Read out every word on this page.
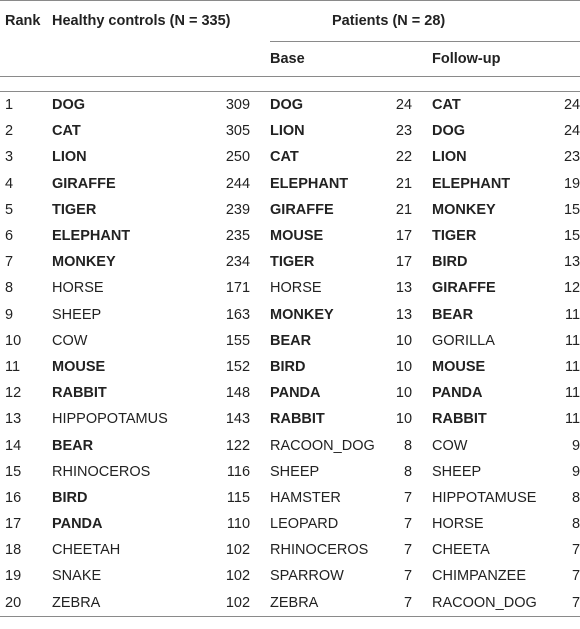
Rank	Healthy controls (N = 335)			Patients (N = 28)				
				Base			Follow-up	

1	DOG	309		DOG	24		CAT	24
2	CAT	305		LION	23		DOG	24
3	LION	250		CAT	22		LION	23
4	GIRAFFE	244		ELEPHANT	21		ELEPHANT	19
5	TIGER	239		GIRAFFE	21		MONKEY	15
6	ELEPHANT	235		MOUSE	17		TIGER	15
7	MONKEY	234		TIGER	17		BIRD	13
8	HORSE	171		HORSE	13		GIRAFFE	12
9	SHEEP	163		MONKEY	13		BEAR	11
10	COW	155		BEAR	10		GORILLA	11
11	MOUSE	152		BIRD	10		MOUSE	11
12	RABBIT	148		PANDA	10		PANDA	11
13	HIPPOPOTAMUS	143		RABBIT	10		RABBIT	11
14	BEAR	122		RACOON_DOG	8		COW	9
15	RHINOCEROS	116		SHEEP	8		SHEEP	9
16	BIRD	115		HAMSTER	7		HIPPOTAMUSE	8
17	PANDA	110		LEOPARD	7		HORSE	8
18	CHEETAH	102		RHINOCEROS	7		CHEETA	7
19	SNAKE	102		SPARROW	7		CHIMPANZEE	7
20	ZEBRA	102		ZEBRA	7		RACOON_DOG	7
